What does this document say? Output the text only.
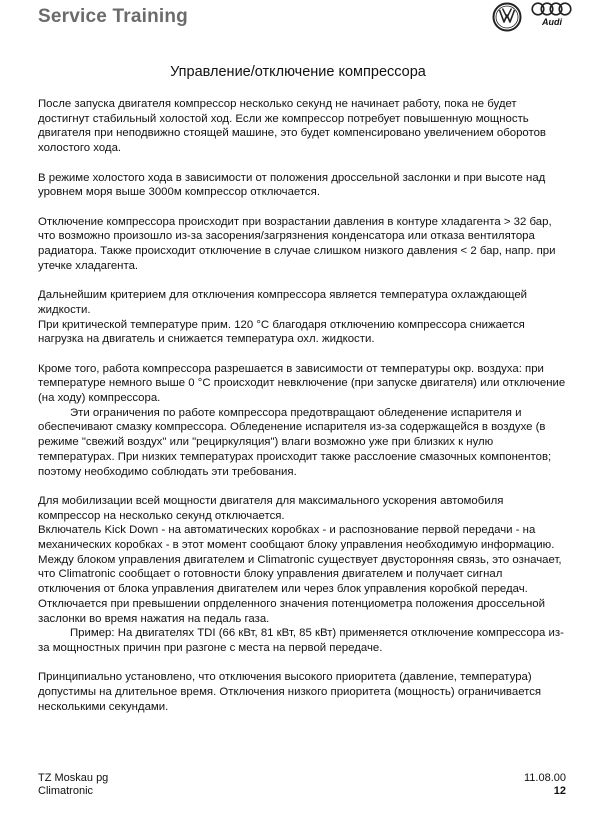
Service Training	Audi
Управление/отключение компрессора

После запуска двигателя компрессор несколько секунд не начинает работу, пока не будет достигнут стабильный холостой ход. Если же компрессор потребует повышенную мощность двигателя при неподвижно стоящей машине, это будет компенсировано увеличением оборотов холостого хода.

В режиме холостого хода в зависимости от положения дроссельной заслонки и при высоте над уровнем моря выше 3000м компрессор отключается.

Отключение компрессора происходит при возрастании давления в контуре хладагента > 32 бар, что возможно произошло из-за засорения/загрязнения конденсатора или отказа вентилятора радиатора. Также происходит отключение в случае слишком низкого давления < 2 бар, напр. при утечке хладагента.

Дальнейшим критерием для отключения компрессора является температура охлаждающей жидкости.

При критической температуре прим. 120 °C благодаря отключению компрессора снижается нагрузка на двигатель и снижается температура охл. жидкости.

Кроме того, работа компрессора разрешается в зависимости от температуры окр. воздуха: при температуре немного выше 0 °C происходит невключение (при запуске двигателя) или отключение (на ходу) компрессора.

Эти ограничения по работе компрессора предотвращают обледенение испарителя и обеспечивают смазку компрессора. Обледенение испарителя из-за содержащейся в воздухе (в режиме "свежий воздух" или "рециркуляция") влаги возможно уже при близких к нулю температурах. При низких температурах происходит также расслоение смазочных компонентов; поэтому необходимо соблюдать эти требования.

Для мобилизации всей мощности двигателя для максимального ускорения автомобиля компрессор на несколько секунд отключается.

Включатель Kick Down - на автоматических коробках - и распознование первой передачи - на механических коробках - в этот момент сообщают блоку управления необходимую информацию. Между блоком управления двигателем и Climatronic существует двусторонняя связь, это означает, что Climatronic сообщает о готовности блоку управления двигателем и получает сигнал отключения от блока управления двигателем или через блок управления коробкой передач.

Отключается при превышении опрделенного значения потенциометра положения дроссельной заслонки во время нажатия на педаль газа.

Пример: На двигателях TDI (66 кВт, 81 кВт, 85 кВт) применяется отключение компрессора из-за мощностных причин при разгоне с места на первой передаче.

Принципиально установлено, что отключения высокого приоритета (давление, температура) допустимы на длительное время. Отключения низкого приоритета (мощность) ограничивается несколькими секундами.

TZ Moskau pg
Climatronic
11.08.00
12
